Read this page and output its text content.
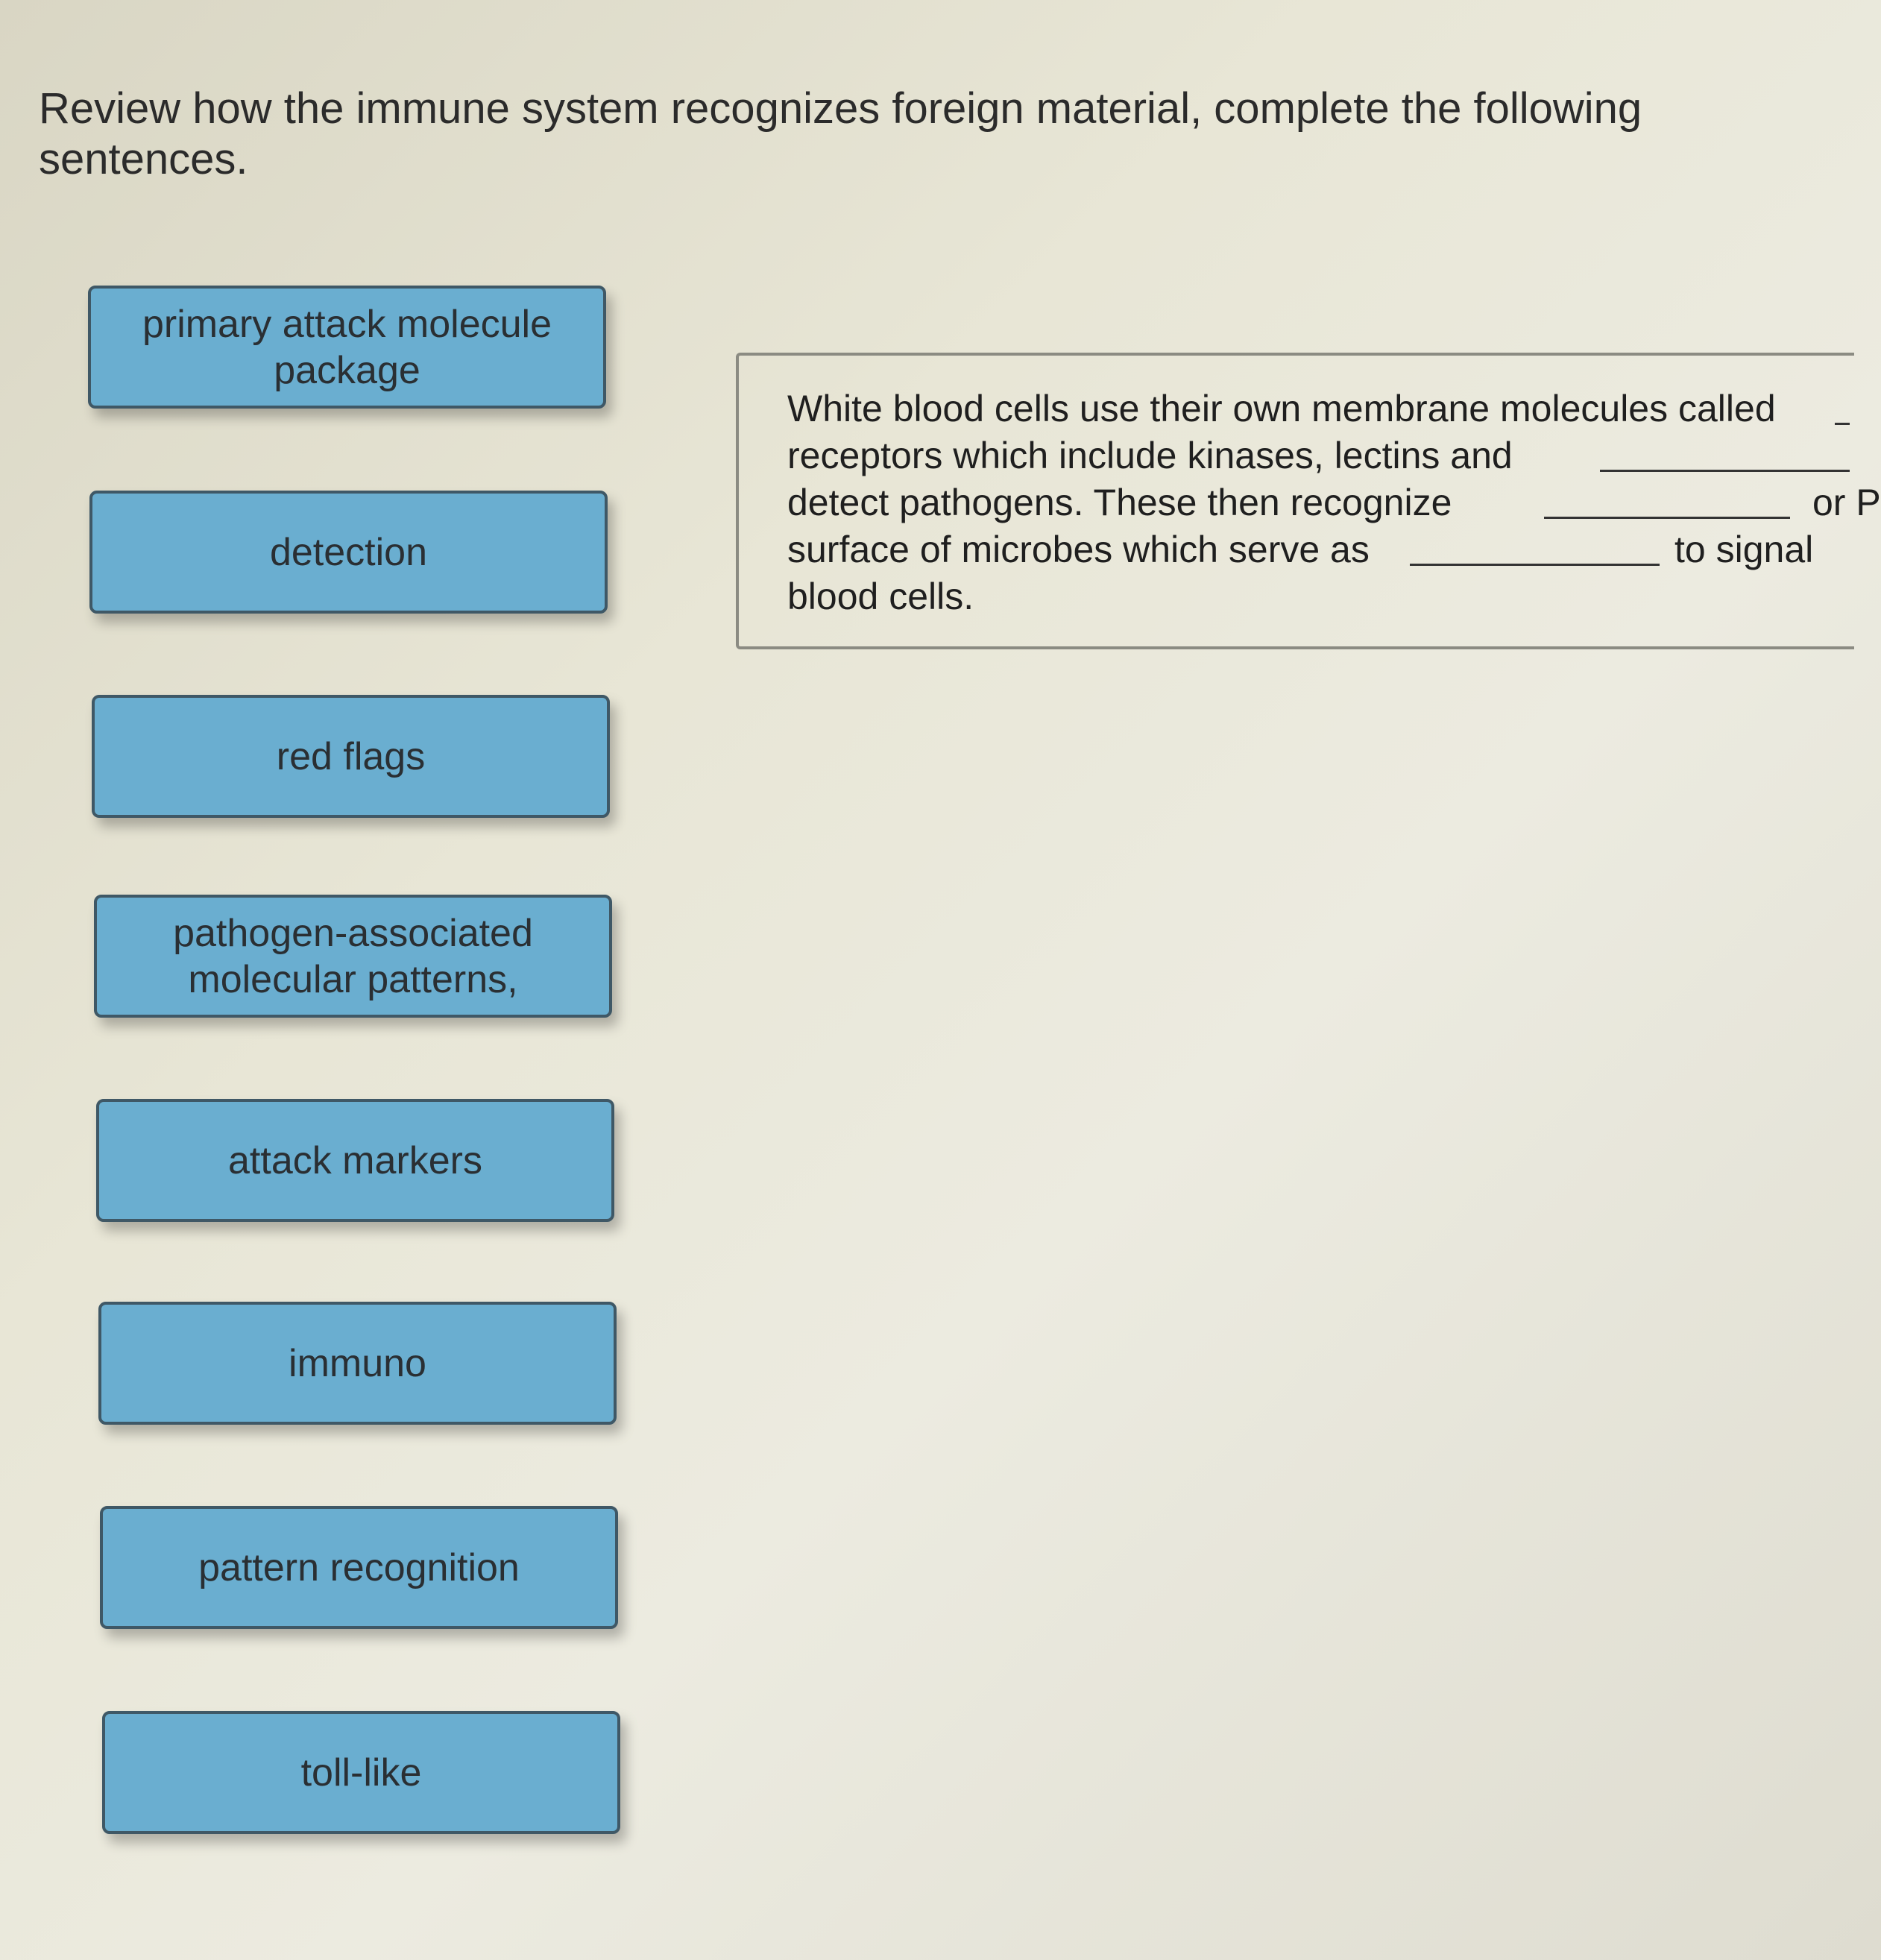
Review how the immune system recognizes foreign material, complete the following sentences.
primary attack molecule package
detection
red flags
pathogen-associated molecular patterns,
attack markers
immuno
pattern recognition
toll-like
White blood cells use their own membrane molecules called
receptors which include kinases, lectins and
detect pathogens. These then recognize	or P
surface of microbes which serve as	to signal
blood cells.
